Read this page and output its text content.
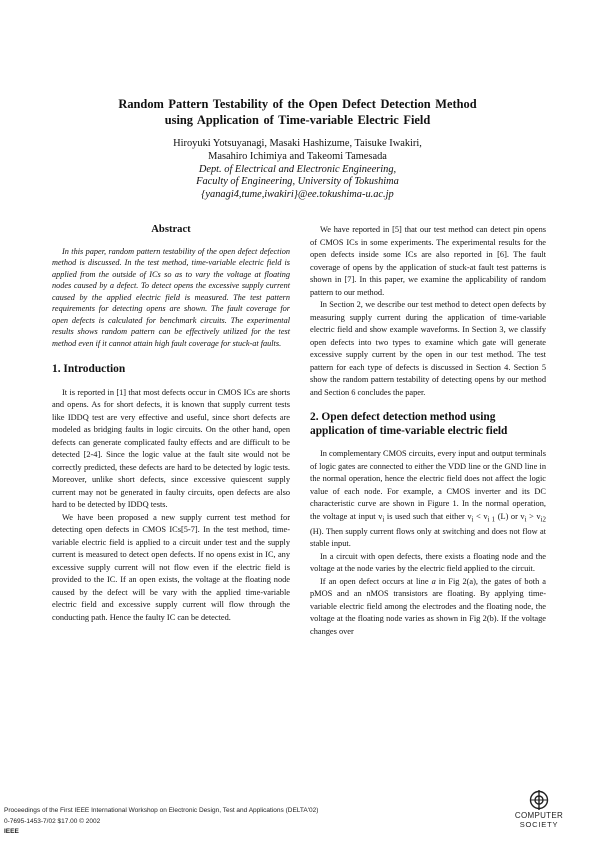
Random Pattern Testability of the Open Defect Detection Method
using Application of Time-variable Electric Field
Hiroyuki Yotsuyanagi, Masaki Hashizume, Taisuke Iwakiri,
Masahiro Ichimiya and Takeomi Tamesada
Dept. of Electrical and Electronic Engineering,
Faculty of Engineering, University of Tokushima
{yanagi4,tume,iwakiri}@ee.tokushima-u.ac.jp
Abstract

In this paper, random pattern testability of the open defect defection method is discussed. In the test method, time-variable electric field is applied from the outside of ICs so as to vary the voltage at floating nodes caused by a defect. To detect opens the excessive supply current caused by the applied electric field is measured. The test pattern requirements for detecting opens are shown. The fault coverage for open defects is calculated for benchmark circuits. The experimental results shows random pattern can be effectively utilized for the test method even if it cannot attain high fault coverage for stuck-at faults.

1. Introduction

It is reported in [1] that most defects occur in CMOS ICs are shorts and opens. As for short defects, it is known that supply current tests like IDDQ test are very effective and useful, since short defects are modeled as bridging faults in logic circuits. On the other hand, open defects can generate complicated faulty effects and are difficult to be detected [2-4]. Since the logic value at the fault site would not be correctly predicted, these defects are hard to be detected by logic tests. Moreover, unlike short defects, since excessive quiescent supply current may not be generated in faulty circuits, open defects are also hard to be detected by IDDQ tests.

We have been proposed a new supply current test method for detecting open defects in CMOS ICs[5-7]. In the test method, time-variable electric field is applied to a circuit under test and the supply current is measured to detect open defects. If no opens exist in IC, any excessive supply current will not flow even if the electric field is provided to the IC. If an open exists, the voltage at the floating node caused by the defect will be vary with the applied time-variable electric field and excessive supply current will flow through the conducting path. Hence the faulty IC can be detected.

We have reported in [5] that our test method can detect pin opens of CMOS ICs in some experiments. The experimental results for the open defects inside some ICs are also reported in [6]. The fault coverage of opens by the application of stuck-at fault test patterns is shown in [7]. In this paper, we examine the applicability of random pattern to our method.

In Section 2, we describe our test method to detect open defects by measuring supply current during the application of time-variable electric field and show example waveforms. In Section 3, we classify open defects into two types to examine which gate will generate excessive supply current by the open in our test method. The test pattern for each type of defects is discussed in Section 4. Section 5 show the random pattern testability of detecting opens by our method and Section 6 concludes the paper.

2. Open defect detection method using
application of time-variable electric field

In complementary CMOS circuits, every input and output terminals of logic gates are connected to either the VDD line or the GND line in the normal operation, hence the electric field does not affect the logic value of each node. For example, a CMOS inverter and its DC characteristic curve are shown in Figure 1. In the normal operation, the voltage at input $v_i$ is used such that either $v_i < v_{i 1}$ (L) or $v_i > v_{i2}$ (H). Then supply current flows only at switching and does not flow at stable input.

In a circuit with open defects, there exists a floating node and the voltage at the node varies by the electric field applied to the circuit.

If an open defect occurs at line a in Fig 2(a), the gates of both a pMOS and an nMOS transistors are floating. By applying time-variable electric field among the electrodes and the floating node, the voltage at the floating node varies as shown in Fig 2(b). If the voltage changes over

Proceedings of the First IEEE International Workshop on Electronic Design, Test and Applications (DELTA'02)
0-7695-1453-7/02 $17.00 © 2002
IEEE
COMPUTER
SOCIETY
